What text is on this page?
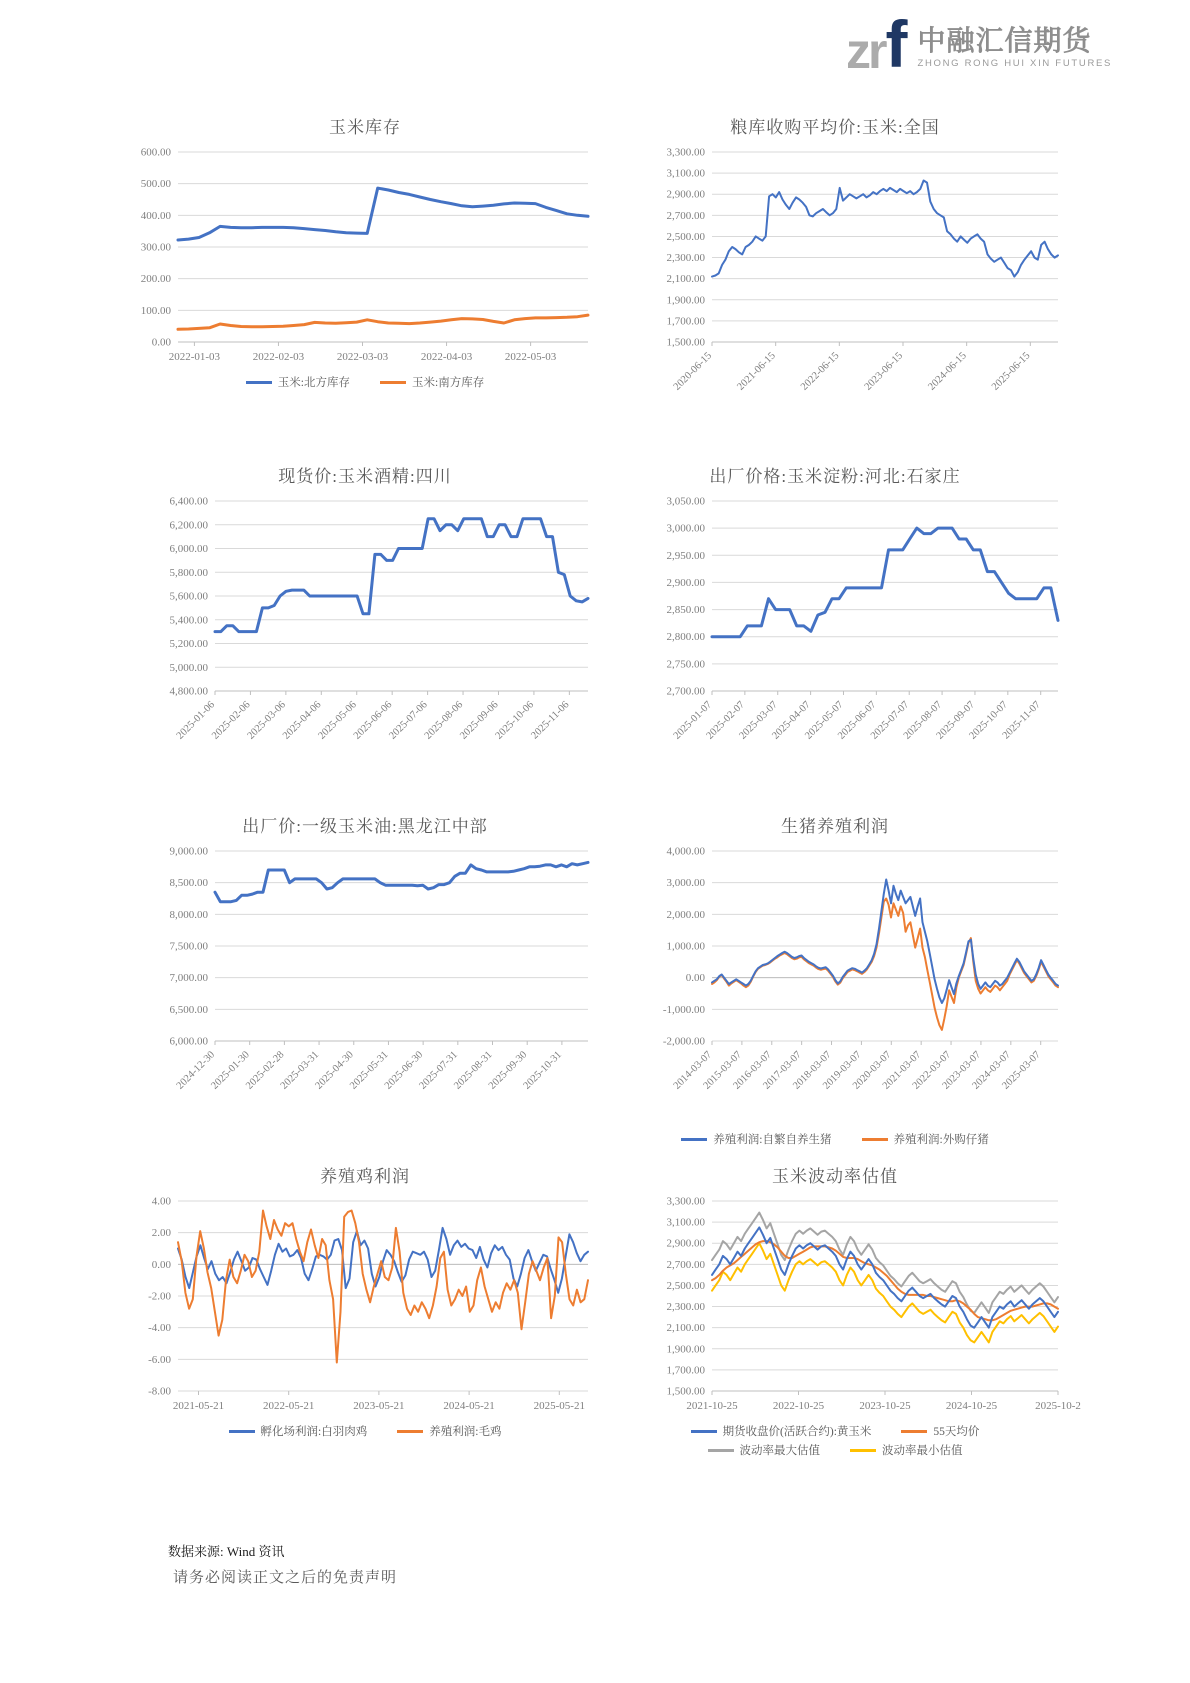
zr f 中融汇信期货
ZHONG RONG HUI XIN FUTURES
玉米库存
600.00
500.00
400.00
300.00
200.00
100.00
0.00
2022-01-03	2022-02-03	2022-03-03	2022-04-03	2022-05-03
玉米:北方库存	玉米:南方库存
粮库收购平均价:玉米:全国
3,300.00
3,100.00
2,900.00
2,700.00
2,500.00
2,300.00
2,100.00
1,900.00
1,700.00
1,500.00
2020-06-15 2021-06-15 2022-06-15 2023-06-15 2024-06-15 2025-06-15
现货价:玉米酒精:四川
6,400.00
6,200.00
6,000.00
5,800.00
5,600.00
5,400.00
5,200.00
5,000.00
4,800.00
2025-01-06
2025-02-06
2025-03-06
2025-04-06
2025-05-06
2025-06-06
2025-07-06
2025-08-06
2025-09-06
2025-10-06
2025-11-06
出厂价格:玉米淀粉:河北:石家庄
3,050.00
3,000.00
2,950.00
2,900.00
2,850.00
2,800.00
2,750.00
2,700.00
2025-01-07
2025-02-07
2025-03-07
2025-04-07
2025-05-07
2025-06-07
2025-07-07
2025-08-07
2025-09-07
2025-10-07
2025-11-07
出厂价:一级玉米油:黑龙江中部
9,000.00
8,500.00
8,000.00
7,500.00
7,000.00
6,500.00
6,000.00
2024-12-30
2025-01-30
2025-02-28
2025-03-31
2025-04-30
2025-05-31
2025-06-30
2025-07-31
2025-08-31
2025-09-30
2025-10-31
生猪养殖利润
4,000.00
3,000.00
2,000.00
1,000.00
0.00
-1,000.00
-2,000.00
2014-03-07
2015-03-07
2016-03-07
2017-03-07
2018-03-07
2019-03-07
2020-03-07
2021-03-07
2022-03-07
2023-03-07
2024-03-07
2025-03-07
养殖利润:自繁自养生猪	养殖利润:外购仔猪
养殖鸡利润
4.00
2.00
0.00
-2.00
-4.00
-6.00
-8.00
2021-05-21	2022-05-21	2023-05-21	2024-05-21	2025-05-21
孵化场利润:白羽肉鸡	养殖利润:毛鸡
玉米波动率估值
3,300.00
3,100.00
2,900.00
2,700.00
2,500.00
2,300.00
2,100.00
1,900.00
1,700.00
1,500.00
2021-10-25	2022-10-25	2023-10-25	2024-10-25	2025-10-2
期货收盘价(活跃合约):黄玉米	55天均价
波动率最大估值	波动率最小估值
数据来源: Wind 资讯
请务必阅读正文之后的免责声明
